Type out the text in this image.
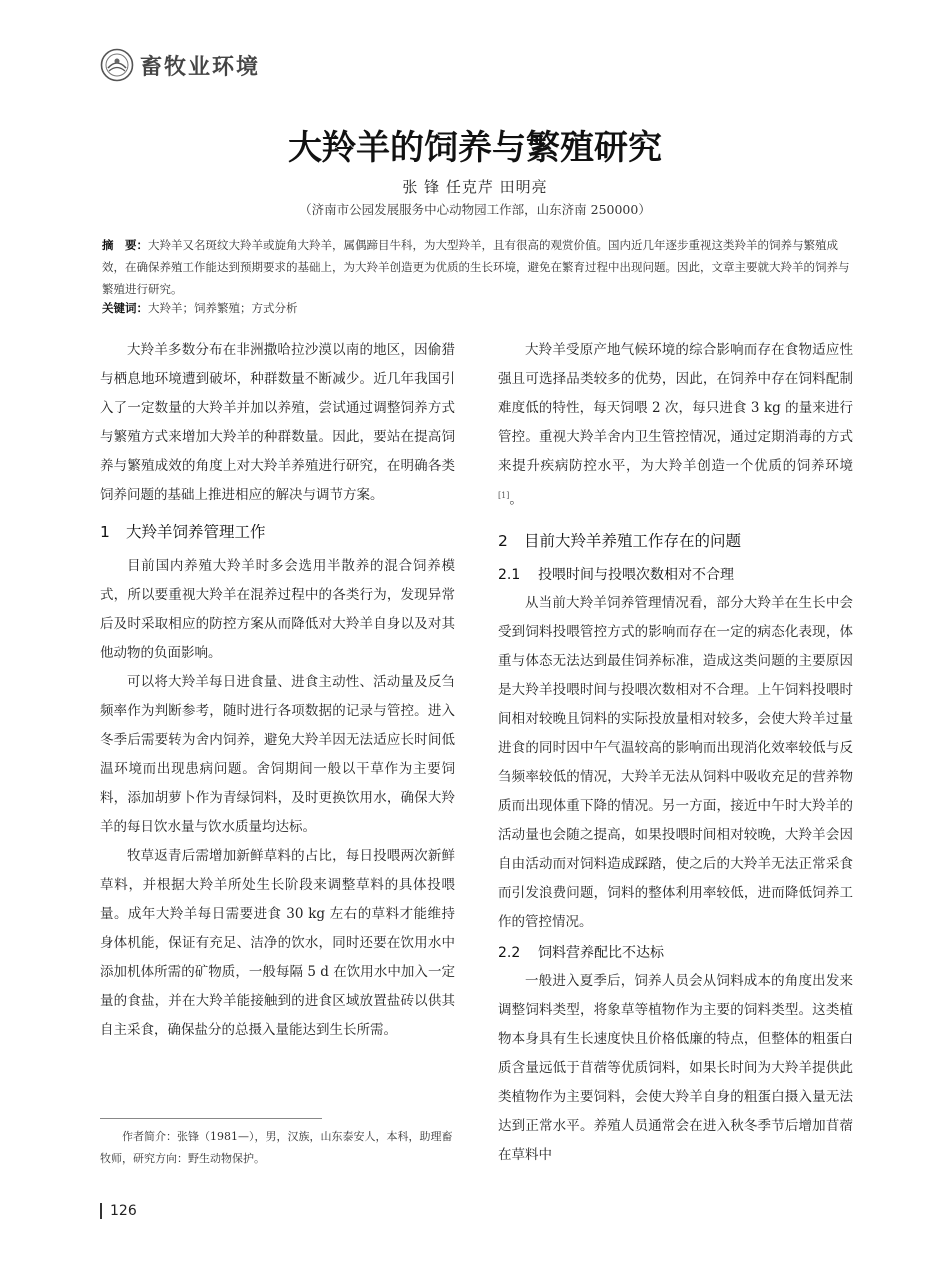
畜牧业环境
大羚羊的饲养与繁殖研究
张 锋 任克芹 田明亮
（济南市公园发展服务中心动物园工作部，山东济南 250000）
摘　要：大羚羊又名斑纹大羚羊或旋角大羚羊，属偶蹄目牛科，为大型羚羊，且有很高的观赏价值。国内近几年逐步重视这类羚羊的饲养与繁殖成效，在确保养殖工作能达到预期要求的基础上，为大羚羊创造更为优质的生长环境，避免在繁育过程中出现问题。因此，文章主要就大羚羊的饲养与繁殖进行研究。
关键词：大羚羊；饲养繁殖；方式分析

大羚羊多数分布在非洲撒哈拉沙漠以南的地区，因偷猎与栖息地环境遭到破坏，种群数量不断减少。近几年我国引入了一定数量的大羚羊并加以养殖，尝试通过调整饲养方式与繁殖方式来增加大羚羊的种群数量。因此，要站在提高饲养与繁殖成效的角度上对大羚羊养殖进行研究，在明确各类饲养问题的基础上推进相应的解决与调节方案。

1 大羚羊饲养管理工作

目前国内养殖大羚羊时多会选用半散养的混合饲养模式，所以要重视大羚羊在混养过程中的各类行为，发现异常后及时采取相应的防控方案从而降低对大羚羊自身以及对其他动物的负面影响。

可以将大羚羊每日进食量、进食主动性、活动量及反刍频率作为判断参考，随时进行各项数据的记录与管控。进入冬季后需要转为舍内饲养，避免大羚羊因无法适应长时间低温环境而出现患病问题。舍饲期间一般以干草作为主要饲料，添加胡萝卜作为青绿饲料，及时更换饮用水，确保大羚羊的每日饮水量与饮水质量均达标。

牧草返青后需增加新鲜草料的占比，每日投喂两次新鲜草料，并根据大羚羊所处生长阶段来调整草料的具体投喂量。成年大羚羊每日需要进食 30 kg 左右的草料才能维持身体机能，保证有充足、洁净的饮水，同时还要在饮用水中添加机体所需的矿物质，一般每隔 5 d 在饮用水中加入一定量的食盐，并在大羚羊能接触到的进食区域放置盐砖以供其自主采食，确保盐分的总摄入量能达到生长所需。

大羚羊受原产地气候环境的综合影响而存在食物适应性强且可选择品类较多的优势，因此，在饲养中存在饲料配制难度低的特性，每天饲喂 2 次，每只进食 3 kg 的量来进行管控。重视大羚羊舍内卫生管控情况，通过定期消毒的方式来提升疾病防控水平，为大羚羊创造一个优质的饲养环境[1]。

2 目前大羚羊养殖工作存在的问题
2.1 投喂时间与投喂次数相对不合理

从当前大羚羊饲养管理情况看，部分大羚羊在生长中会受到饲料投喂管控方式的影响而存在一定的病态化表现，体重与体态无法达到最佳饲养标准，造成这类问题的主要原因是大羚羊投喂时间与投喂次数相对不合理。上午饲料投喂时间相对较晚且饲料的实际投放量相对较多，会使大羚羊过量进食的同时因中午气温较高的影响而出现消化效率较低与反刍频率较低的情况，大羚羊无法从饲料中吸收充足的营养物质而出现体重下降的情况。另一方面，接近中午时大羚羊的活动量也会随之提高，如果投喂时间相对较晚，大羚羊会因自由活动而对饲料造成踩踏，使之后的大羚羊无法正常采食而引发浪费问题，饲料的整体利用率较低，进而降低饲养工作的管控情况。

2.2 饲料营养配比不达标

一般进入夏季后，饲养人员会从饲料成本的角度出发来调整饲料类型，将象草等植物作为主要的饲料类型。这类植物本身具有生长速度快且价格低廉的特点，但整体的粗蛋白质含量远低于苜蓿等优质饲料，如果长时间为大羚羊提供此类植物作为主要饲料，会使大羚羊自身的粗蛋白摄入量无法达到正常水平。养殖人员通常会在进入秋冬季节后增加苜蓿在草料中

作者简介：张锋（1981—），男，汉族，山东泰安人，本科，助理畜牧师，研究方向：野生动物保护。
126
